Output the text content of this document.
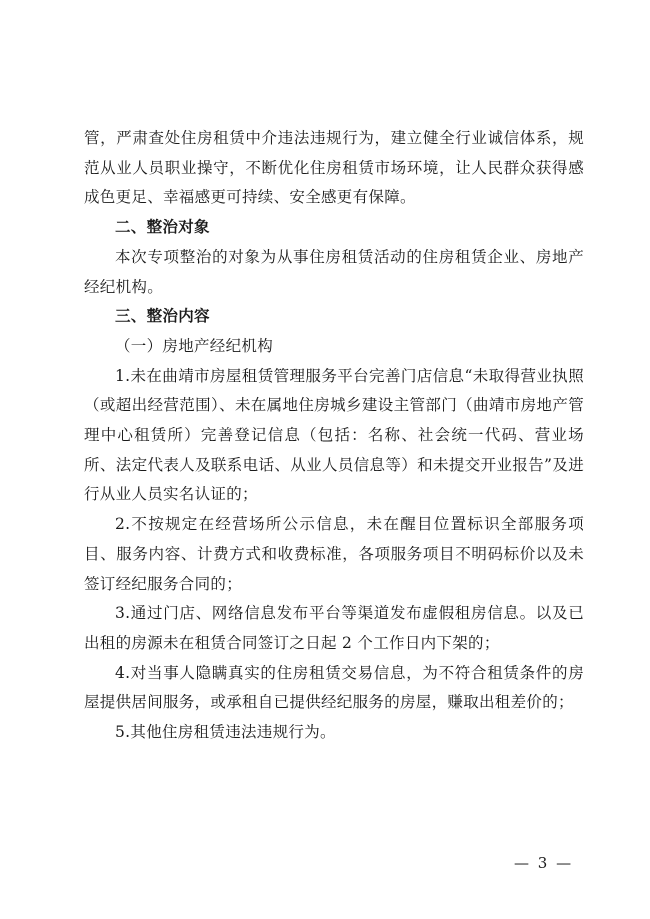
管，严肃查处住房租赁中介违法违规行为，建立健全行业诚信体系，规范从业人员职业操守，不断优化住房租赁市场环境，让人民群众获得感成色更足、幸福感更可持续、安全感更有保障。

二、整治对象

本次专项整治的对象为从事住房租赁活动的住房租赁企业、房地产经纪机构。

三、整治内容

（一）房地产经纪机构

1.未在曲靖市房屋租赁管理服务平台完善门店信息“未取得营业执照（或超出经营范围）、未在属地住房城乡建设主管部门（曲靖市房地产管理中心租赁所）完善登记信息（包括：名称、社会统一代码、营业场所、法定代表人及联系电话、从业人员信息等）和未提交开业报告”及进行从业人员实名认证的；

2.不按规定在经营场所公示信息，未在醒目位置标识全部服务项目、服务内容、计费方式和收费标准，各项服务项目不明码标价以及未签订经纪服务合同的；

3.通过门店、网络信息发布平台等渠道发布虚假租房信息。以及已出租的房源未在租赁合同签订之日起 2 个工作日内下架的；

4.对当事人隐瞒真实的住房租赁交易信息，为不符合租赁条件的房屋提供居间服务，或承租自已提供经纪服务的房屋，赚取出租差价的；

5.其他住房租赁违法违规行为。

— 3 —
